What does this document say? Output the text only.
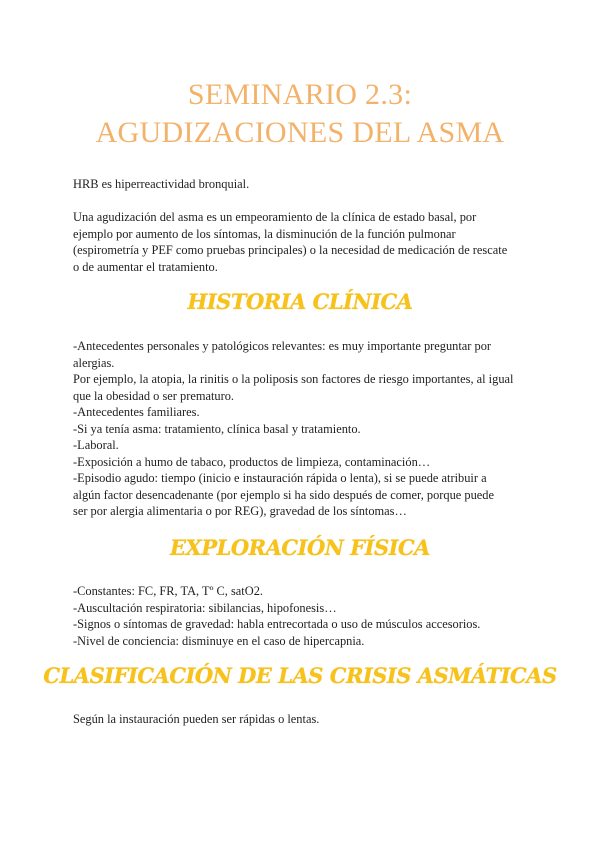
SEMINARIO 2.3:
AGUDIZACIONES DEL ASMA
HRB es hiperreactividad bronquial.
Una agudización del asma es un empeoramiento de la clínica de estado basal, por
ejemplo por aumento de los síntomas, la disminución de la función pulmonar
(espirometría y PEF como pruebas principales) o la necesidad de medicación de rescate
o de aumentar el tratamiento.
HISTORIA CLÍNICA
-Antecedentes personales y patológicos relevantes: es muy importante preguntar por
alergias.
Por ejemplo, la atopia, la rinitis o la poliposis son factores de riesgo importantes, al igual
que la obesidad o ser prematuro.
-Antecedentes familiares.
-Si ya tenía asma: tratamiento, clínica basal y tratamiento.
-Laboral.
-Exposición a humo de tabaco, productos de limpieza, contaminación…
-Episodio agudo: tiempo (inicio e instauración rápida o lenta), si se puede atribuir a
algún factor desencadenante (por ejemplo si ha sido después de comer, porque puede
ser por alergia alimentaria o por REG), gravedad de los síntomas…
EXPLORACIÓN FÍSICA
-Constantes: FC, FR, TA, Tº C, satO2.
-Auscultación respiratoria: sibilancias, hipofonesis…
-Signos o síntomas de gravedad: habla entrecortada o uso de músculos accesorios.
-Nivel de conciencia: disminuye en el caso de hipercapnia.
CLASIFICACIÓN DE LAS CRISIS ASMÁTICAS
Según la instauración pueden ser rápidas o lentas.
